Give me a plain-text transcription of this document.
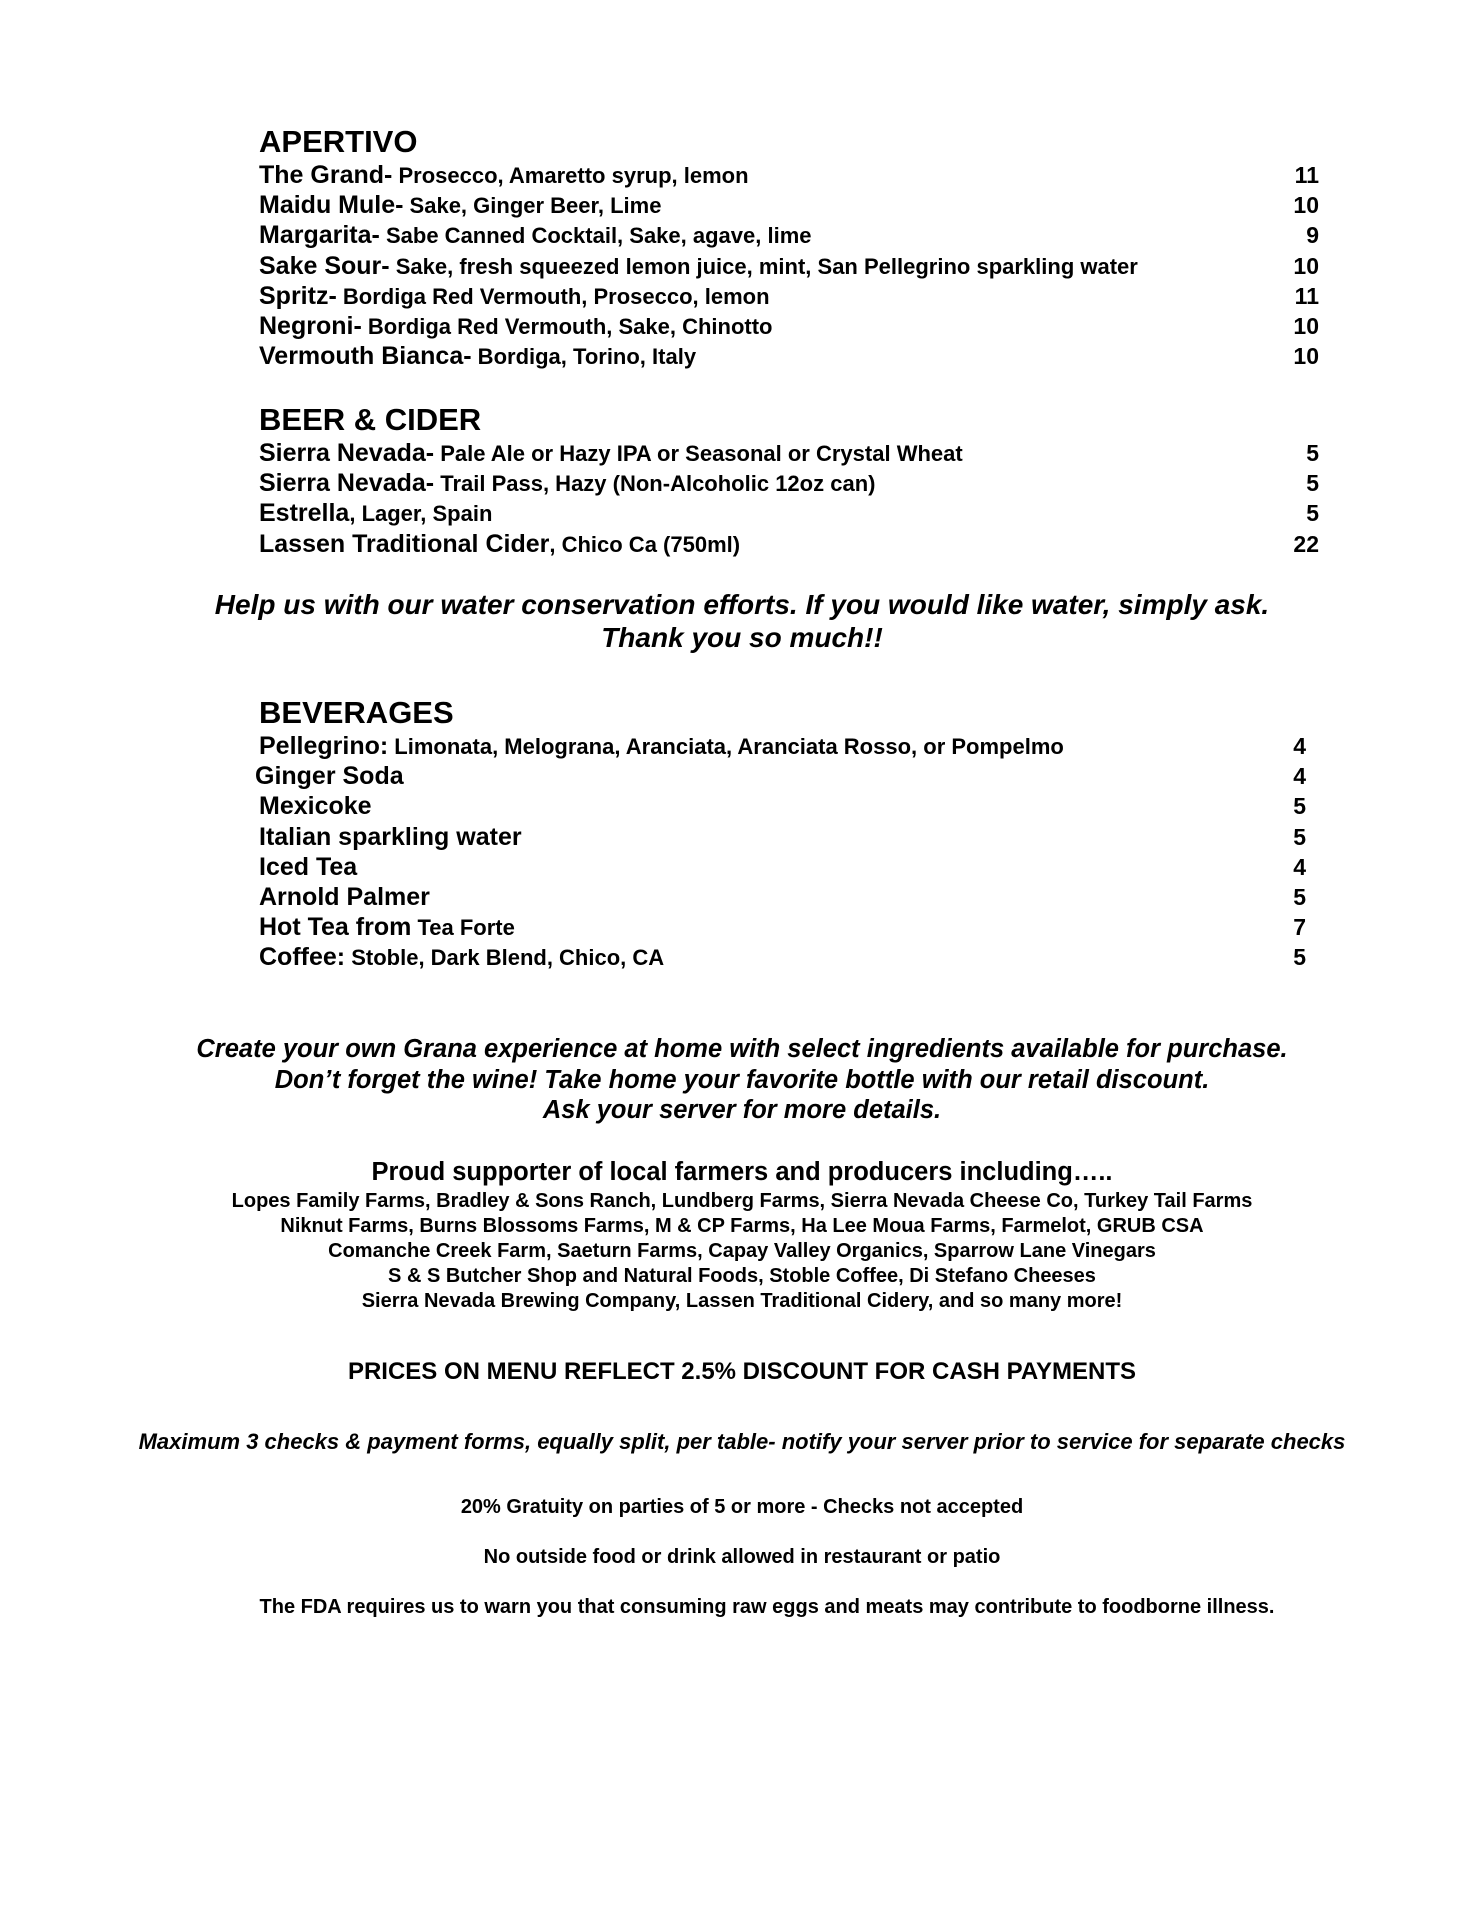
APERTIVO
The Grand- Prosecco, Amaretto syrup, lemon	11
Maidu Mule- Sake, Ginger Beer, Lime	10
Margarita- Sabe Canned Cocktail, Sake, agave, lime	9
Sake Sour- Sake, fresh squeezed lemon juice, mint, San Pellegrino sparkling water	10
Spritz- Bordiga Red Vermouth, Prosecco, lemon	11
Negroni- Bordiga Red Vermouth, Sake, Chinotto	10
Vermouth Bianca- Bordiga, Torino, Italy	10
BEER & CIDER
Sierra Nevada- Pale Ale or Hazy IPA or Seasonal or Crystal Wheat	5
Sierra Nevada- Trail Pass, Hazy (Non-Alcoholic 12oz can)	5
Estrella, Lager, Spain	5
Lassen Traditional Cider, Chico Ca (750ml)	22
Help us with our water conservation efforts. If you would like water, simply ask.
Thank you so much!!
BEVERAGES
Pellegrino: Limonata, Melograna, Aranciata, Aranciata Rosso, or Pompelmo	4
Ginger Soda	4
Mexicoke	5
Italian sparkling water	5
Iced Tea	4
Arnold Palmer	5
Hot Tea from Tea Forte	7
Coffee: Stoble, Dark Blend, Chico, CA	5
Create your own Grana experience at home with select ingredients available for purchase.
Don’t forget the wine! Take home your favorite bottle with our retail discount.
Ask your server for more details.
Proud supporter of local farmers and producers including…..
Lopes Family Farms, Bradley & Sons Ranch, Lundberg Farms, Sierra Nevada Cheese Co, Turkey Tail Farms
Niknut Farms, Burns Blossoms Farms, M & CP Farms, Ha Lee Moua Farms, Farmelot, GRUB CSA
Comanche Creek Farm, Saeturn Farms, Capay Valley Organics, Sparrow Lane Vinegars
S & S Butcher Shop and Natural Foods, Stoble Coffee, Di Stefano Cheeses
Sierra Nevada Brewing Company, Lassen Traditional Cidery, and so many more!
PRICES ON MENU REFLECT 2.5% DISCOUNT FOR CASH PAYMENTS
Maximum 3 checks & payment forms, equally split, per table- notify your server prior to service for separate checks
20% Gratuity on parties of 5 or more - Checks not accepted
No outside food or drink allowed in restaurant or patio
The FDA requires us to warn you that consuming raw eggs and meats may contribute to foodborne illness.
